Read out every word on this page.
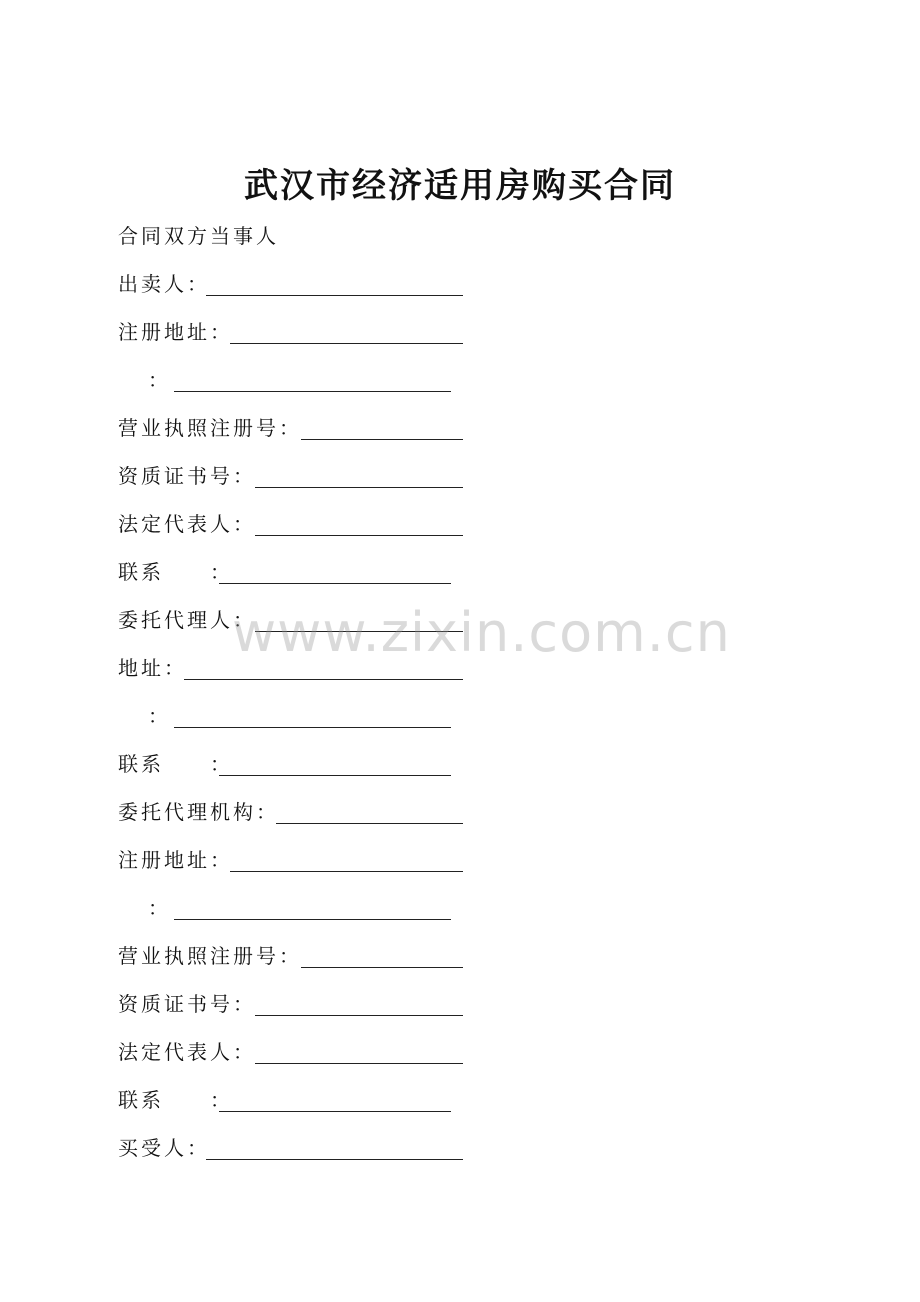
武汉市经济适用房购买合同
合同双方当事人
出卖人：
注册地址：
：
营业执照注册号：
资质证书号：
法定代表人：
联系　　：
委托代理人：
地址：
：
联系　　：
委托代理机构：
注册地址：
：
营业执照注册号：
资质证书号：
法定代表人：
联系　　：
买受人：
www.zixin.com.cn
